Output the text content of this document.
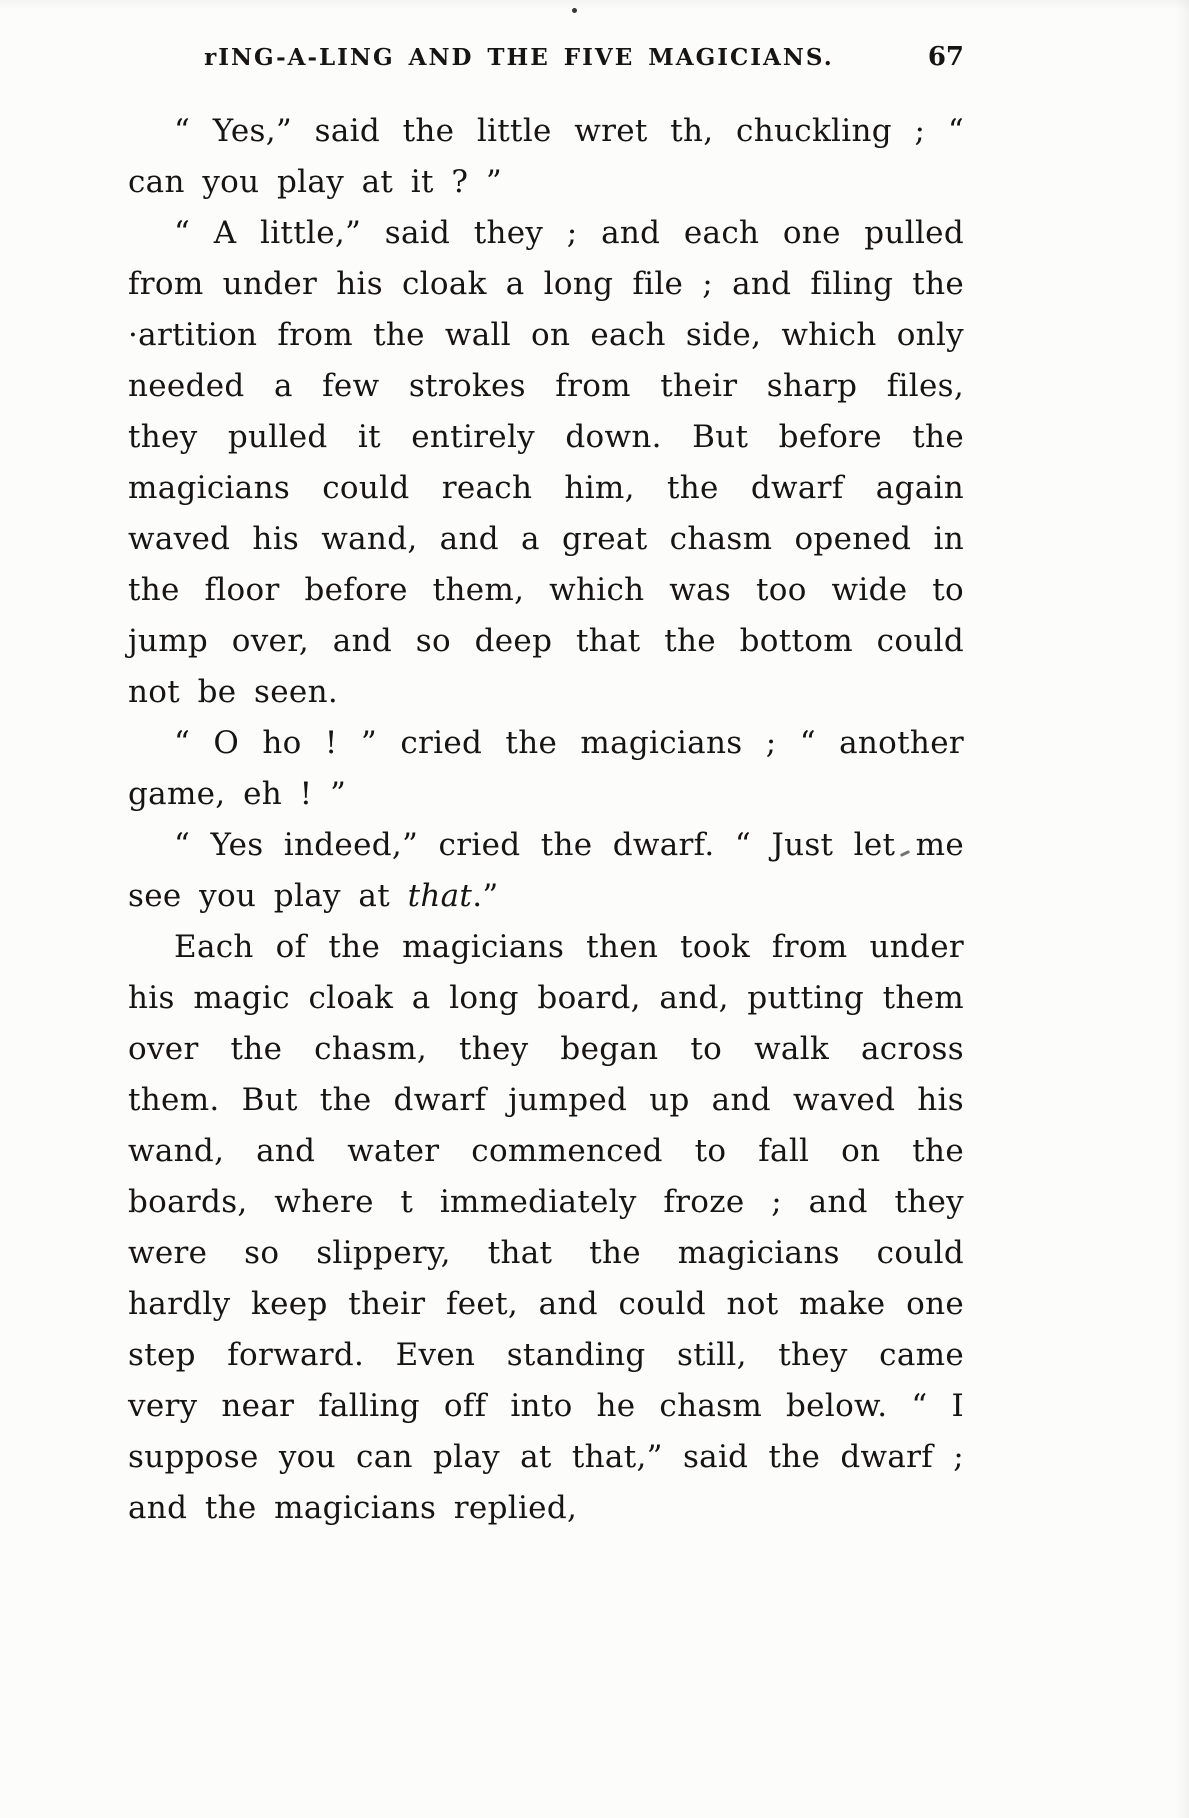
rING-A-LING AND THE FIVE MAGICIANS.	67

“ Yes,” said the little wret th, chuckling ; “ can you play at it ? ”

“ A little,” said they ; and each one pulled from under his cloak a long file ; and filing the ·artition from the wall on each side, which only needed a few strokes from their sharp files, they pulled it entirely down. But before the magicians could reach him, the dwarf again waved his wand, and a great chasm opened in the floor before them, which was too wide to jump over, and so deep that the bottom could not be seen.

“ O ho ! ” cried the magicians ; “ another game, eh ! ”

“ Yes indeed,” cried the dwarf. “ Just let me see you play at that.”

Each of the magicians then took from under his magic cloak a long board, and, putting them over the chasm, they began to walk across them. But the dwarf jumped up and waved his wand, and water commenced to fall on the boards, where t immediately froze ; and they were so slippery, that the magicians could hardly keep their feet, and could not make one step forward. Even standing still, they came very near falling off into he chasm below. “ I suppose you can play at that,” said the dwarf ; and the magicians replied,
